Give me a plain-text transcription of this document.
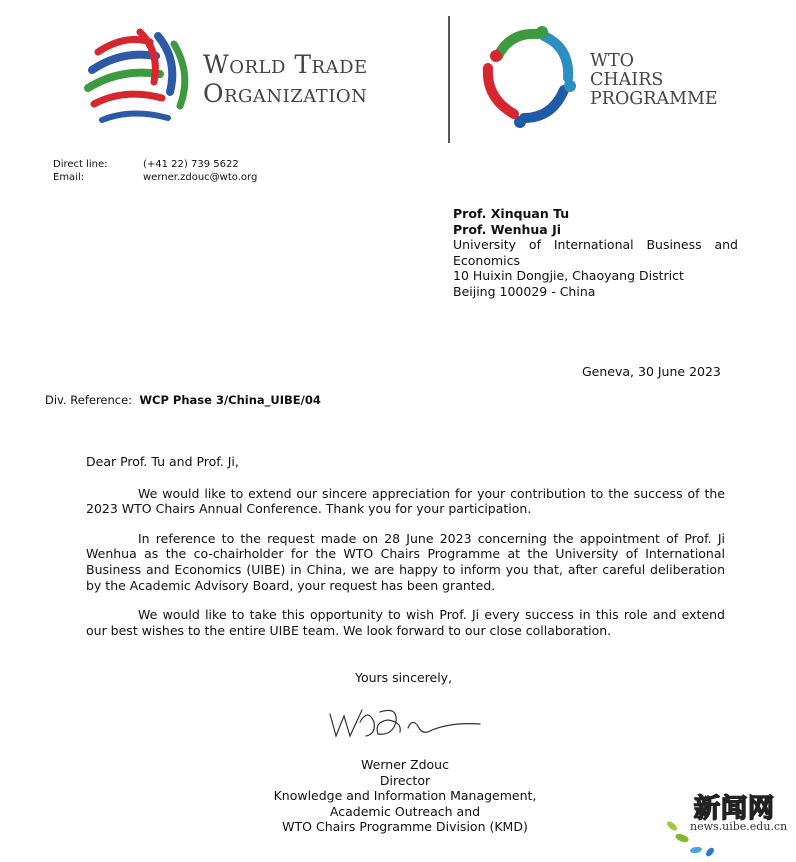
World Trade
Organization
WTO
CHAIRS
PROGRAMME
Direct line:	(+41 22) 739 5622
Email:	werner.zdouc@wto.org
Prof. Xinquan Tu
Prof. Wenhua Ji
University of International Business and
Economics
10 Huixin Dongjie, Chaoyang District
Beijing 100029 - China
Geneva, 30 June 2023
Div. Reference: WCP Phase 3/China_UIBE/04

Dear Prof. Tu and Prof. Ji,

We would like to extend our sincere appreciation for your contribution to the success of the 2023 WTO Chairs Annual Conference. Thank you for your participation.

In reference to the request made on 28 June 2023 concerning the appointment of Prof. Ji Wenhua as the co-chairholder for the WTO Chairs Programme at the University of International Business and Economics (UIBE) in China, we are happy to inform you that, after careful deliberation by the Academic Advisory Board, your request has been granted.

We would like to take this opportunity to wish Prof. Ji every success in this role and extend our best wishes to the entire UIBE team. We look forward to our close collaboration.

Yours sincerely,
Werner Zdouc
Director
Knowledge and Information Management,
Academic Outreach and
WTO Chairs Programme Division (KMD)
新闻网
news.uibe.edu.cn
